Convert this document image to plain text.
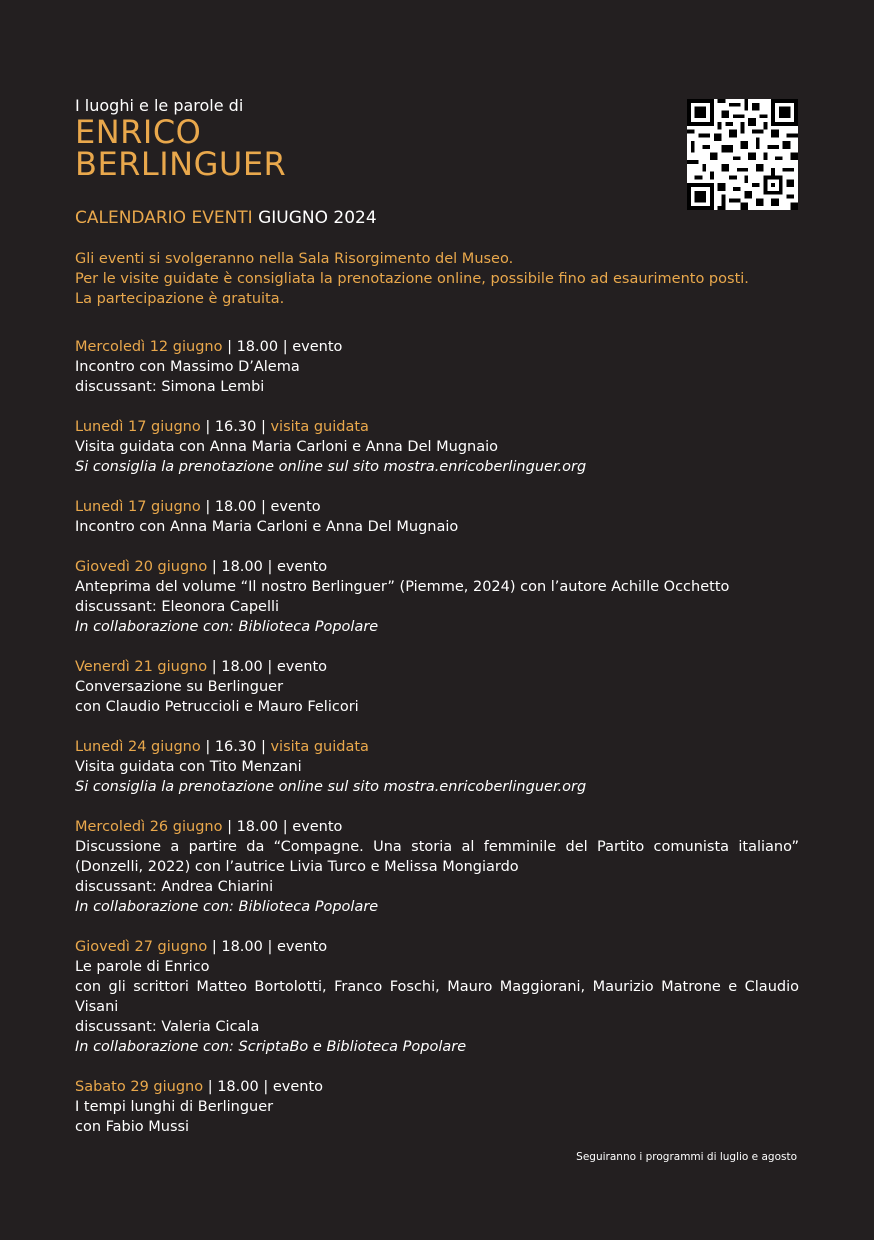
I luoghi e le parole di
ENRICO
BERLINGUER
CALENDARIO EVENTI GIUGNO 2024
Gli eventi si svolgeranno nella Sala Risorgimento del Museo.
Per le visite guidate è consigliata la prenotazione online, possibile fino ad esaurimento posti.
La partecipazione è gratuita.
Mercoledì 12 giugno | 18.00 | evento
Incontro con Massimo D’Alema
discussant: Simona Lembi
Lunedì 17 giugno | 16.30 | visita guidata
Visita guidata con Anna Maria Carloni e Anna Del Mugnaio
Si consiglia la prenotazione online sul sito mostra.enricoberlinguer.org
Lunedì 17 giugno | 18.00 | evento
Incontro con Anna Maria Carloni e Anna Del Mugnaio
Giovedì 20 giugno | 18.00 | evento
Anteprima del volume “Il nostro Berlinguer” (Piemme, 2024) con l’autore Achille Occhetto
discussant: Eleonora Capelli
In collaborazione con: Biblioteca Popolare
Venerdì 21 giugno | 18.00 | evento
Conversazione su Berlinguer
con Claudio Petruccioli e Mauro Felicori
Lunedì 24 giugno | 16.30 | visita guidata
Visita guidata con Tito Menzani
Si consiglia la prenotazione online sul sito mostra.enricoberlinguer.org
Mercoledì 26 giugno | 18.00 | evento
Discussione a partire da “Compagne. Una storia al femminile del Partito comunista italiano” (Donzelli, 2022) con l’autrice Livia Turco e Melissa Mongiardo
discussant: Andrea Chiarini
In collaborazione con: Biblioteca Popolare
Giovedì 27 giugno | 18.00 | evento
Le parole di Enrico
con gli scrittori Matteo Bortolotti, Franco Foschi, Mauro Maggiorani, Maurizio Matrone e Claudio Visani
discussant: Valeria Cicala
In collaborazione con: ScriptaBo e Biblioteca Popolare
Sabato 29 giugno | 18.00 | evento
I tempi lunghi di Berlinguer
con Fabio Mussi
Seguiranno i programmi di luglio e agosto
